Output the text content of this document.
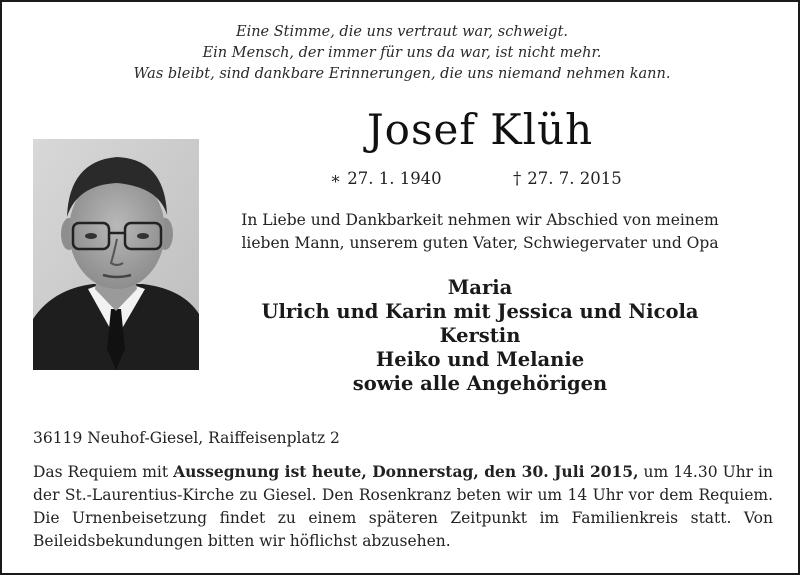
Eine Stimme, die uns vertraut war, schweigt.
Ein Mensch, der immer für uns da war, ist nicht mehr.
Was bleibt, sind dankbare Erinnerungen, die uns niemand nehmen kann.
Josef Klüh
∗ 27. 1. 1940	† 27. 7. 2015
In Liebe und Dankbarkeit nehmen wir Abschied von meinem
lieben Mann, unserem guten Vater, Schwiegervater und Opa
Maria
Ulrich und Karin mit Jessica und Nicola
Kerstin
Heiko und Melanie
sowie alle Angehörigen
36119 Neuhof-Giesel, Raiffeisenplatz 2
Das Requiem mit Aussegnung ist heute, Donnerstag, den 30. Juli 2015, um 14.30 Uhr in der St.-Laurentius-Kirche zu Giesel. Den Rosenkranz beten wir um 14 Uhr vor dem Requiem. Die Urnenbeisetzung findet zu einem späteren Zeitpunkt im Familienkreis statt. Von Beileidsbekundungen bitten wir höflichst abzusehen.
